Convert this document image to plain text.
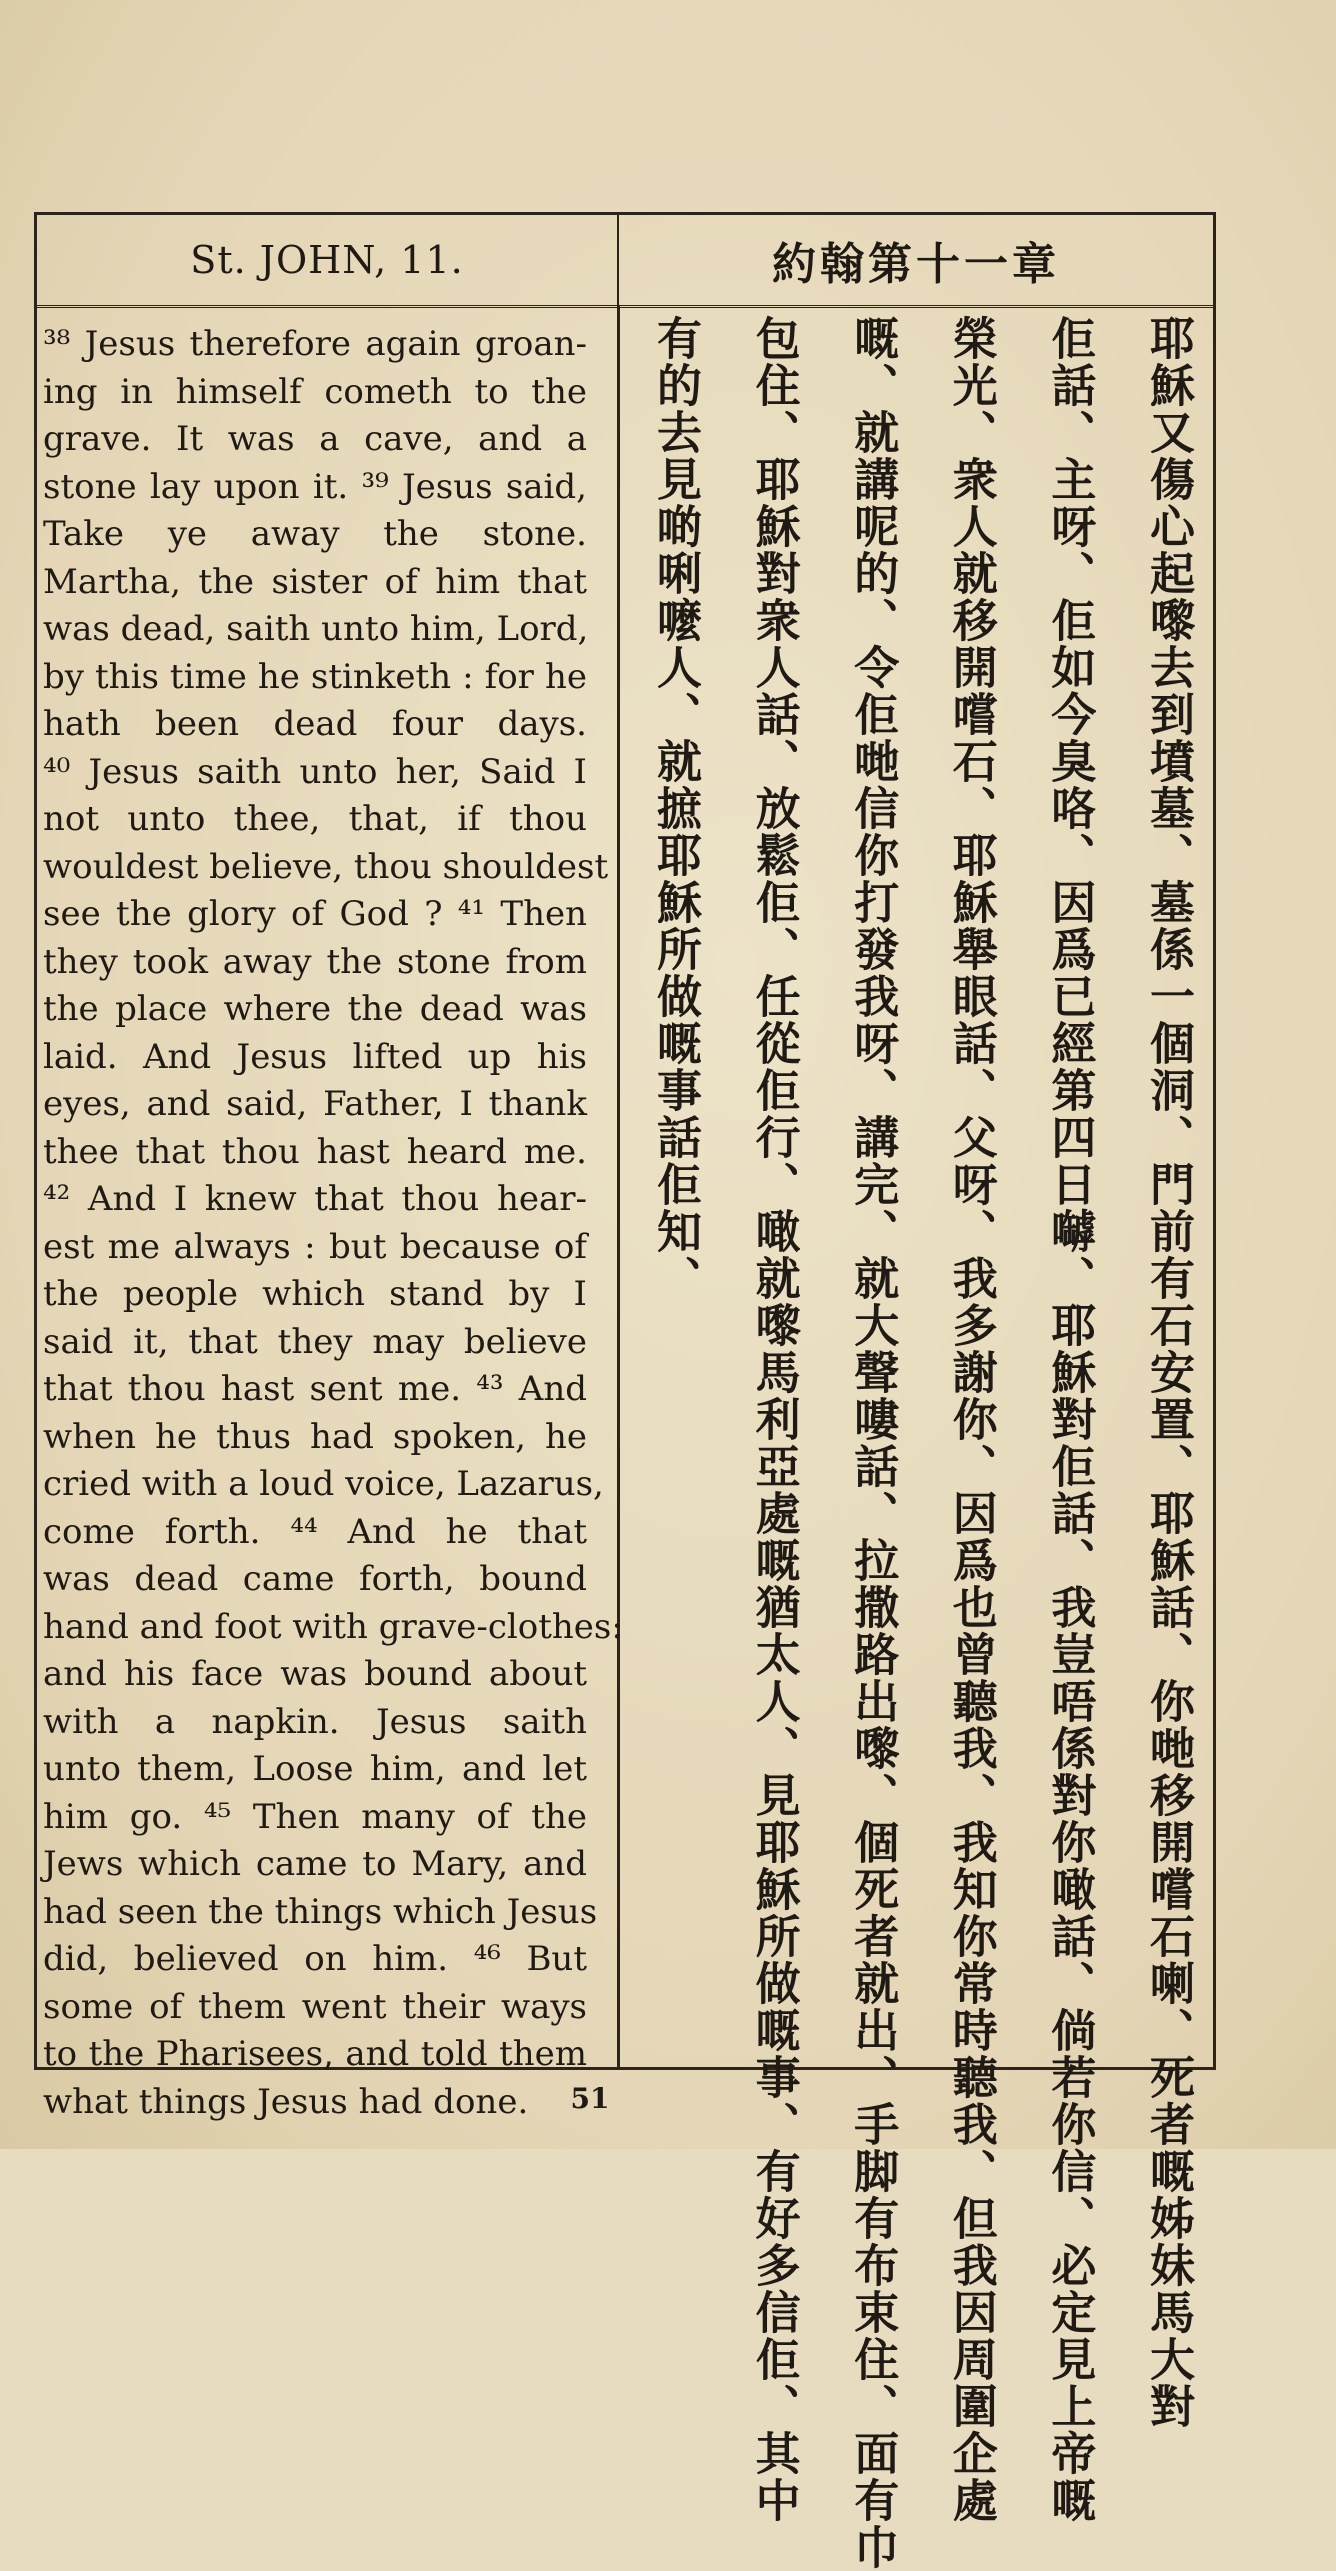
St. JOHN, 11.	約翰第十一章
³⁸ Jesus therefore again groan-
ing in himself cometh to the
grave. It was a cave, and a
stone lay upon it. ³⁹ Jesus said,
Take ye away the stone.
Martha, the sister of him that
was dead, saith unto him, Lord,
by this time he stinketh : for he
hath been dead four days.
⁴⁰ Jesus saith unto her, Said I
not unto thee, that, if thou
wouldest believe, thou shouldest
see the glory of God ? ⁴¹ Then
they took away the stone from
the place where the dead was
laid. And Jesus lifted up his
eyes, and said, Father, I thank
thee that thou hast heard me.
⁴² And I knew that thou hear-
est me always : but because of
the people which stand by I
said it, that they may believe
that thou hast sent me. ⁴³ And
when he thus had spoken, he
cried with a loud voice, Lazarus,
come forth. ⁴⁴ And he that
was dead came forth, bound
hand and foot with grave-clothes:
and his face was bound about
with a napkin. Jesus saith
unto them, Loose him, and let
him go. ⁴⁵ Then many of the
Jews which came to Mary, and
had seen the things which Jesus
did, believed on him. ⁴⁶ But
some of them went their ways
to the Pharisees, and told them
what things Jesus had done.	耶穌又傷心起嚟去到墳墓、墓係一個洞、門前有石安置、耶穌話、你哋移開嚐石喇、死者嘅姊妹馬大對
佢話、主呀、佢如今臭咯、因爲已經第四日嚹、耶穌對佢話、我豈唔係對你噉話、倘若你信、必定見上帝嘅
榮光、衆人就移開嚐石、耶穌舉眼話、父呀、我多謝你、因爲也曾聽我、我知你常時聽我、但我因周圍企處
嘅、就講呢的、令佢哋信你打發我呀、講完、就大聲嘍話、拉撒路出嚟、個死者就出、手脚有布束住、面有巾
包住、耶穌對衆人話、放鬆佢、任從佢行、噉就嚟馬利亞處嘅猶太人、見耶穌所做嘅事、有好多信佢、其中
有的去見啲唎嚒人、就摭耶穌所做嘅事話佢知、
51
